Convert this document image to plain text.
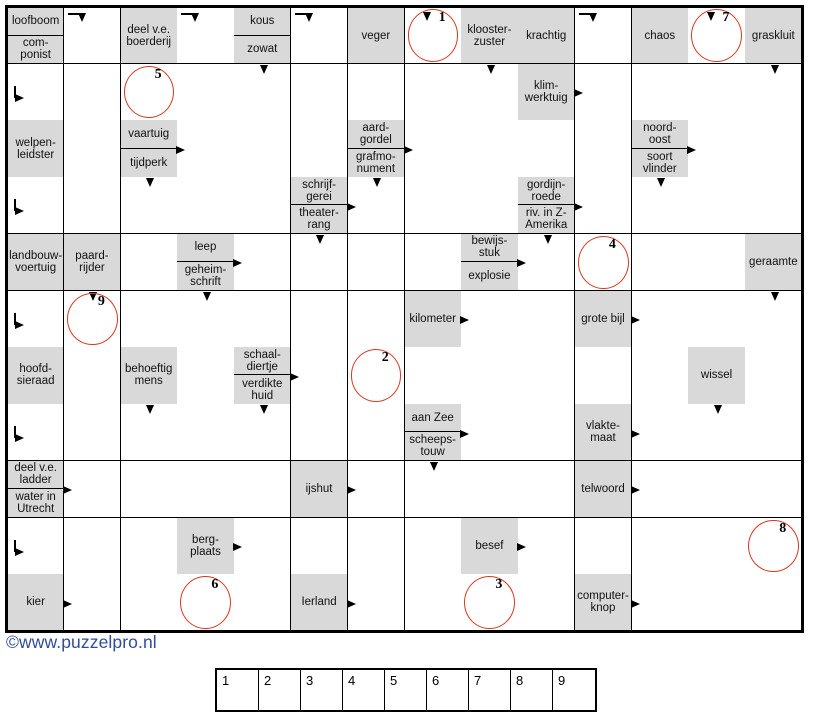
loofboom
com-
ponist
deel v.e.
boerderij
kous
zowat
veger	klooster-
zuster	krachtig	chaos	graskluit
klim-
werktuig
welpen-
leidster
vaartuig
tijdperk
aard-
gordel
grafmo-
nument
noord-
oost
soort
vlinder
schrijf-
gerei
theater-
rang
gordijn-
roede
riv. in Z-
Amerika
landbouw-
voertuig
paard-
rijder
leep
geheim-
schrift
bewijs-
stuk
explosie
geraamte
kilometer	grote bijl
hoofd-
sieraad
behoeftig
mens
schaal-
diertje
verdikte
huid
wissel
aan Zee
scheeps-
touw
vlakte-
maat
deel v.e.
ladder
water in
Utrecht
ijshut	telwoord
berg-
plaats	besef
kier	Ierland	computer-
knop
1
2
3
4
5
6
7
8
9
©www.puzzelpro.nl
1	2	3	4	5	6	7	8	9
